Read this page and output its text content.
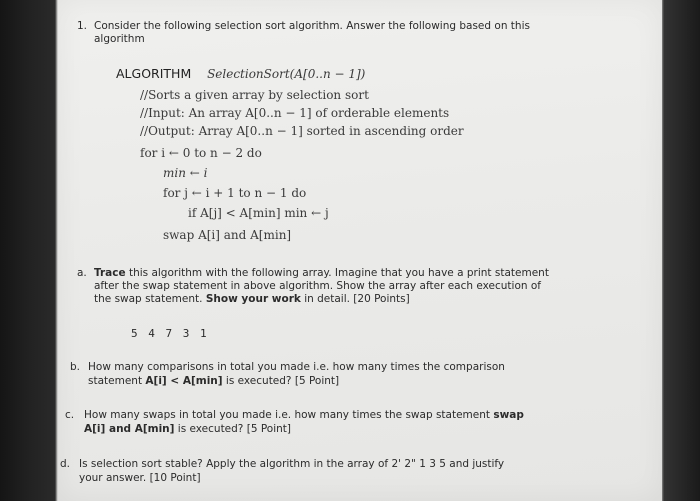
1. Consider the following selection sort algorithm. Answer the following based on this
algorithm
ALGORITHM SelectionSort(A[0..n − 1])
//Sorts a given array by selection sort
//Input: An array A[0..n − 1] of orderable elements
//Output: Array A[0..n − 1] sorted in ascending order
for i ← 0 to n − 2 do
min ← i
for j ← i + 1 to n − 1 do
if A[j] < A[min] min ← j
swap A[i] and A[min]
a. Trace this algorithm with the following array. Imagine that you have a print statement
after the swap statement in above algorithm. Show the array after each execution of
the swap statement. Show your work in detail. [20 Points]
5 4 7 3 1
b. How many comparisons in total you made i.e. how many times the comparison
statement A[i] < A[min] is executed? [5 Point]
c. How many swaps in total you made i.e. how many times the swap statement swap
A[i] and A[min] is executed? [5 Point]
d. Is selection sort stable? Apply the algorithm in the array of 2' 2" 1 3 5 and justify
your answer. [10 Point]
